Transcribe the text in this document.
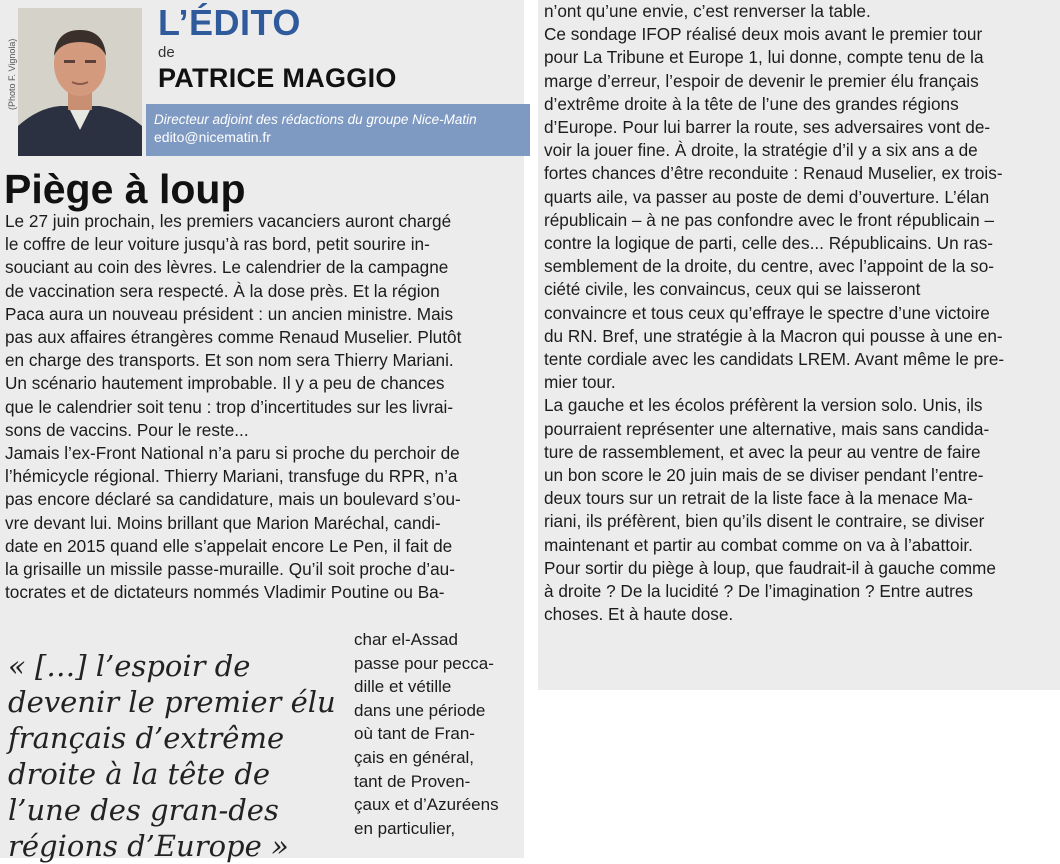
(Photo F. Vignola)
L’ÉDITO
de
PATRICE MAGGIO
Directeur adjoint des rédactions du groupe Nice-Matin
edito@nicematin.fr
Piège à loup
Le 27 juin prochain, les premiers vacanciers auront chargé
le coffre de leur voiture jusqu’à ras bord, petit sourire in-
souciant au coin des lèvres. Le calendrier de la campagne
de vaccination sera respecté. À la dose près. Et la région
Paca aura un nouveau président : un ancien ministre. Mais
pas aux affaires étrangères comme Renaud Muselier. Plutôt
en charge des transports. Et son nom sera Thierry Mariani.
Un scénario hautement improbable. Il y a peu de chances
que le calendrier soit tenu : trop d’incertitudes sur les livrai-
sons de vaccins. Pour le reste...
Jamais l’ex-Front National n’a paru si proche du perchoir de
l’hémicycle régional. Thierry Mariani, transfuge du RPR, n’a
pas encore déclaré sa candidature, mais un boulevard s’ou-
vre devant lui. Moins brillant que Marion Maréchal, candi-
date en 2015 quand elle s’appelait encore Le Pen, il fait de
la grisaille un missile passe-muraille. Qu’il soit proche d’au-
tocrates et de dictateurs nommés Vladimir Poutine ou Ba-
« […] l’espoir de devenir le premier élu français d’extrême droite à la tête de l’une des gran-des régions d’Europe »
char el-Assad
passe pour pecca-
dille et vétille
dans une période
où tant de Fran-
çais en général,
tant de Proven-
çaux et d’Azuréens
en particulier,
n’ont qu’une envie, c’est renverser la table.
Ce sondage IFOP réalisé deux mois avant le premier tour
pour La Tribune et Europe 1, lui donne, compte tenu de la
marge d’erreur, l’espoir de devenir le premier élu français
d’extrême droite à la tête de l’une des grandes régions
d’Europe. Pour lui barrer la route, ses adversaires vont de-
voir la jouer fine. À droite, la stratégie d’il y a six ans a de
fortes chances d’être reconduite : Renaud Muselier, ex trois-
quarts aile, va passer au poste de demi d’ouverture. L’élan
républicain – à ne pas confondre avec le front républicain –
contre la logique de parti, celle des... Républicains. Un ras-
semblement de la droite, du centre, avec l’appoint de la so-
ciété civile, les convaincus, ceux qui se laisseront
convaincre et tous ceux qu’effraye le spectre d’une victoire
du RN. Bref, une stratégie à la Macron qui pousse à une en-
tente cordiale avec les candidats LREM. Avant même le pre-
mier tour.
La gauche et les écolos préfèrent la version solo. Unis, ils
pourraient représenter une alternative, mais sans candida-
ture de rassemblement, et avec la peur au ventre de faire
un bon score le 20 juin mais de se diviser pendant l’entre-
deux tours sur un retrait de la liste face à la menace Ma-
riani, ils préfèrent, bien qu’ils disent le contraire, se diviser
maintenant et partir au combat comme on va à l’abattoir.
Pour sortir du piège à loup, que faudrait-il à gauche comme
à droite ? De la lucidité ? De l’imagination ? Entre autres
choses. Et à haute dose.
